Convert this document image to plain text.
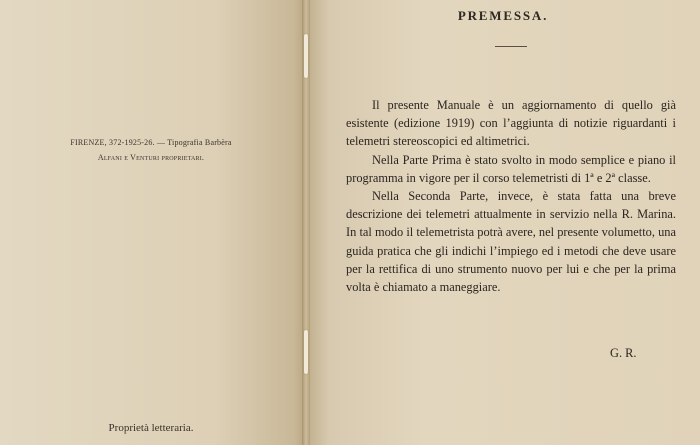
FIRENZE, 372-1925-26. — Tipografia Barbèra
Alfani e Venturi proprietari.
Proprietà letteraria.
PREMESSA.

Il presente Manuale è un aggiornamento di quello già esistente (edizione 1919) con l’aggiunta di notizie riguardanti i telemetri stereoscopici ed altimetrici.

Nella Parte Prima è stato svolto in modo semplice e piano il programma in vigore per il corso telemetristi di 1ª e 2ª classe.

Nella Seconda Parte, invece, è stata fatta una breve descrizione dei telemetri attualmente in servizio nella R. Marina. In tal modo il telemetrista potrà avere, nel presente volumetto, una guida pratica che gli indichi l’impiego ed i metodi che deve usare per la rettifica di uno strumento nuovo per lui e che per la prima volta è chiamato a maneggiare.

G. R.
